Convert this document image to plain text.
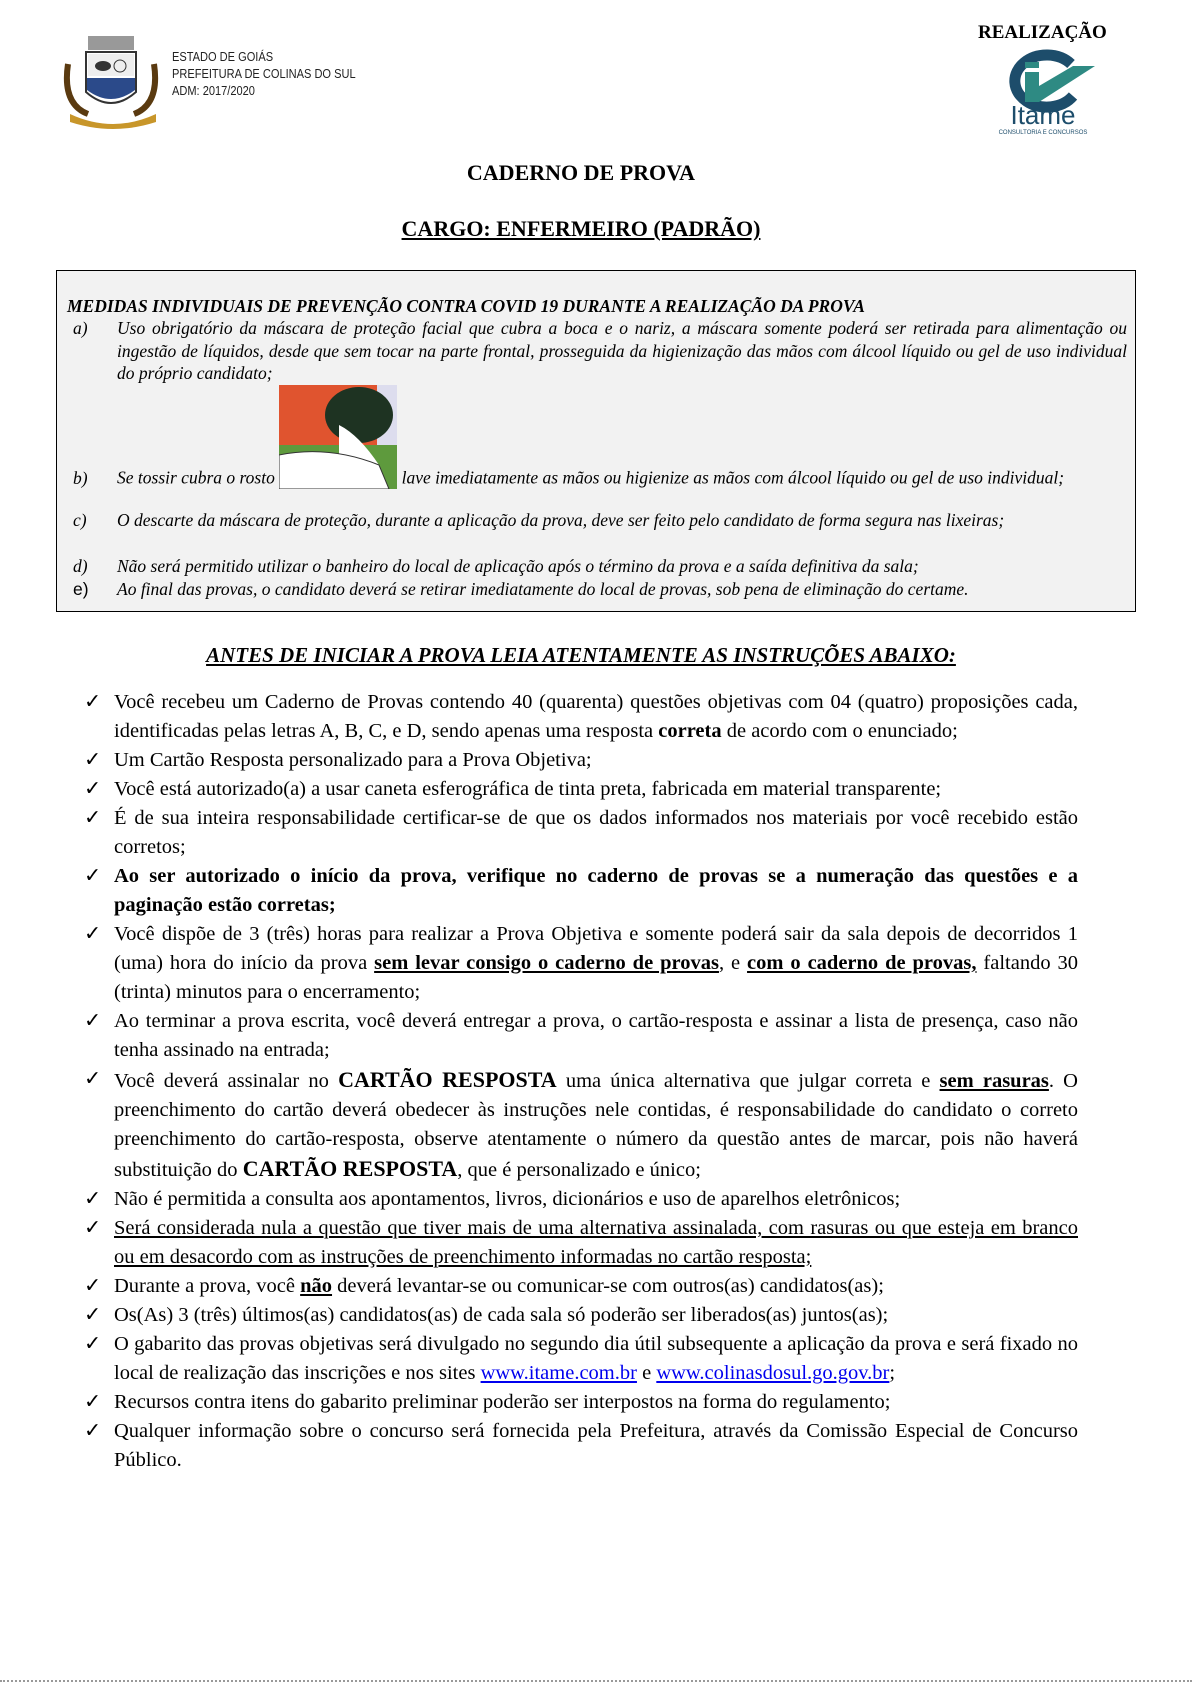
ESTADO DE GOIÁS
PREFEITURA DE COLINAS DO SUL
ADM: 2017/2020
REALIZAÇÃO
Itame
CONSULTORIA E CONCURSOS
CADERNO DE PROVA
CARGO: ENFERMEIRO (PADRÃO)
MEDIDAS INDIVIDUAIS DE PREVENÇÃO CONTRA COVID 19 DURANTE A REALIZAÇÃO DA PROVA
a)	Uso obrigatório da máscara de proteção facial que cubra a boca e o nariz, a máscara somente poderá ser retirada para alimentação ou ingestão de líquidos, desde que sem tocar na parte frontal, prosseguida da higienização das mãos com álcool líquido ou gel de uso individual do próprio candidato;
b)	Se tossir cubra o rosto	lave imediatamente as mãos ou higienize as mãos com álcool líquido ou gel de uso individual;
c)	O descarte da máscara de proteção, durante a aplicação da prova, deve ser feito pelo candidato de forma segura nas lixeiras;
d)	Não será permitido utilizar o banheiro do local de aplicação após o término da prova e a saída definitiva da sala;
e)	Ao final das provas, o candidato deverá se retirar imediatamente do local de provas, sob pena de eliminação do certame.
ANTES DE INICIAR A PROVA LEIA ATENTAMENTE AS INSTRUÇÕES ABAIXO:
✓ Você recebeu um Caderno de Provas contendo 40 (quarenta) questões objetivas com 04 (quatro) proposições cada, identificadas pelas letras A, B, C, e D, sendo apenas uma resposta correta de acordo com o enunciado;
✓ Um Cartão Resposta personalizado para a Prova Objetiva;
✓ Você está autorizado(a) a usar caneta esferográfica de tinta preta, fabricada em material transparente;
✓ É de sua inteira responsabilidade certificar-se de que os dados informados nos materiais por você recebido estão corretos;
✓ Ao ser autorizado o início da prova, verifique no caderno de provas se a numeração das questões e a paginação estão corretas;
✓ Você dispõe de 3 (três) horas para realizar a Prova Objetiva e somente poderá sair da sala depois de decorridos 1 (uma) hora do início da prova sem levar consigo o caderno de provas, e com o caderno de provas, faltando 30 (trinta) minutos para o encerramento;
✓ Ao terminar a prova escrita, você deverá entregar a prova, o cartão-resposta e assinar a lista de presença, caso não tenha assinado na entrada;
✓ Você deverá assinalar no CARTÃO RESPOSTA uma única alternativa que julgar correta e sem rasuras. O preenchimento do cartão deverá obedecer às instruções nele contidas, é responsabilidade do candidato o correto preenchimento do cartão-resposta, observe atentamente o número da questão antes de marcar, pois não haverá substituição do CARTÃO RESPOSTA, que é personalizado e único;
✓ Não é permitida a consulta aos apontamentos, livros, dicionários e uso de aparelhos eletrônicos;
✓ Será considerada nula a questão que tiver mais de uma alternativa assinalada, com rasuras ou que esteja em branco ou em desacordo com as instruções de preenchimento informadas no cartão resposta;
✓ Durante a prova, você não deverá levantar-se ou comunicar-se com outros(as) candidatos(as);
✓ Os(As) 3 (três) últimos(as) candidatos(as) de cada sala só poderão ser liberados(as) juntos(as);
✓ O gabarito das provas objetivas será divulgado no segundo dia útil subsequente a aplicação da prova e será fixado no local de realização das inscrições e nos sites www.itame.com.br e www.colinasdosul.go.gov.br;
✓ Recursos contra itens do gabarito preliminar poderão ser interpostos na forma do regulamento;
✓ Qualquer informação sobre o concurso será fornecida pela Prefeitura, através da Comissão Especial de Concurso Público.
